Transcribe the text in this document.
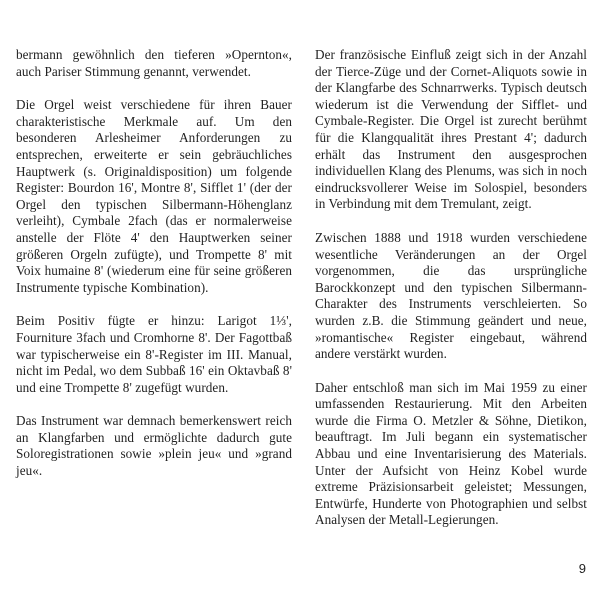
bermann gewöhnlich den tieferen »Opernton«, auch Pariser Stimmung genannt, verwendet.

Die Orgel weist verschiedene für ihren Bauer charakteristische Merkmale auf. Um den besonderen Arlesheimer Anforderungen zu entsprechen, erweiterte er sein gebräuchliches Hauptwerk (s. Originaldisposition) um folgende Register: Bourdon 16', Montre 8', Sifflet 1' (der der Orgel den typischen Silbermann-Höhenglanz verleiht), Cymbale 2fach (das er normalerweise anstelle der Flöte 4' den Hauptwerken seiner größeren Orgeln zufügte), und Trompette 8' mit Voix humaine 8' (wiederum eine für seine größeren Instrumente typische Kombination).

Beim Positiv fügte er hinzu: Larigot 1⅓', Fourniture 3fach und Cromhorne 8'. Der Fagottbaß war typischerweise ein 8'-Register im III. Manual, nicht im Pedal, wo dem Subbaß 16' ein Oktavbaß 8' und eine Trompette 8' zugefügt wurden.

Das Instrument war demnach bemerkenswert reich an Klangfarben und ermöglichte dadurch gute Soloregistrationen sowie »plein jeu« und »grand jeu«.

Der französische Einfluß zeigt sich in der Anzahl der Tierce-Züge und der Cornet-Aliquots sowie in der Klangfarbe des Schnarrwerks. Typisch deutsch wiederum ist die Verwendung der Sifflet- und Cymbale-Register. Die Orgel ist zurecht berühmt für die Klangqualität ihres Prestant 4'; dadurch erhält das Instrument den ausgesprochen individuellen Klang des Plenums, was sich in noch eindrucksvollerer Weise im Solospiel, besonders in Verbindung mit dem Tremulant, zeigt.

Zwischen 1888 und 1918 wurden verschiedene wesentliche Veränderungen an der Orgel vorgenommen, die das ursprüngliche Barockkonzept und den typischen Silbermann-Charakter des Instruments verschleierten. So wurden z.B. die Stimmung geändert und neue, »romantische« Register eingebaut, während andere verstärkt wurden.

Daher entschloß man sich im Mai 1959 zu einer umfassenden Restaurierung. Mit den Arbeiten wurde die Firma O. Metzler & Söhne, Dietikon, beauftragt. Im Juli begann ein systematischer Abbau und eine Inventarisierung des Materials. Unter der Aufsicht von Heinz Kobel wurde extreme Präzisionsarbeit geleistet; Messungen, Entwürfe, Hunderte von Photographien und selbst Analysen der Metall-Legierungen.

9
